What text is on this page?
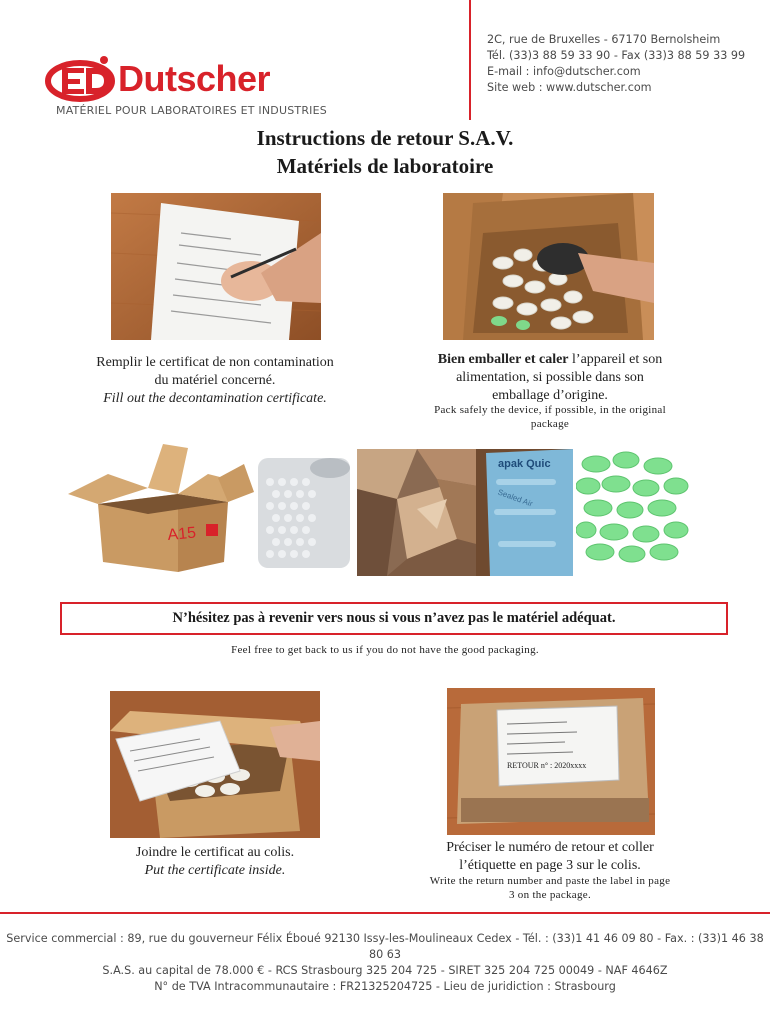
Dutscher
MATÉRIEL POUR LABORATOIRES ET INDUSTRIES
2C, rue de Bruxelles - 67170 Bernolsheim
Tél. (33)3 88 59 33 90 - Fax (33)3 88 59 33 99
E-mail : info@dutscher.com
Site web : www.dutscher.com
Instructions de retour S.A.V.
Matériels de laboratoire
Remplir le certificat de non contamination
du matériel concerné.
Fill out the decontamination certificate.
Bien emballer et caler l’appareil et son
alimentation, si possible dans son
emballage d’origine.
Pack safely the device, if possible, in the original
package
A15
apak Quic
Sealed Air
N’hésitez pas à revenir vers nous si vous n’avez pas le matériel adéquat.
Feel free to get back to us if you do not have the good packaging.
RETOUR n° : 2020xxxx
Joindre le certificat au colis.
Put the certificate inside.
Préciser le numéro de retour et coller
l’étiquette en page 3 sur le colis.
Write the return number and paste the label in page
3 on the package.
Service commercial : 89, rue du gouverneur Félix Éboué 92130 Issy-les-Moulineaux Cedex - Tél. : (33)1 41 46 09 80 - Fax. : (33)1 46 38 80 63
S.A.S. au capital de 78.000 € - RCS Strasbourg 325 204 725 - SIRET 325 204 725 00049 - NAF 4646Z
N° de TVA Intracommunautaire : FR21325204725 - Lieu de juridiction : Strasbourg
